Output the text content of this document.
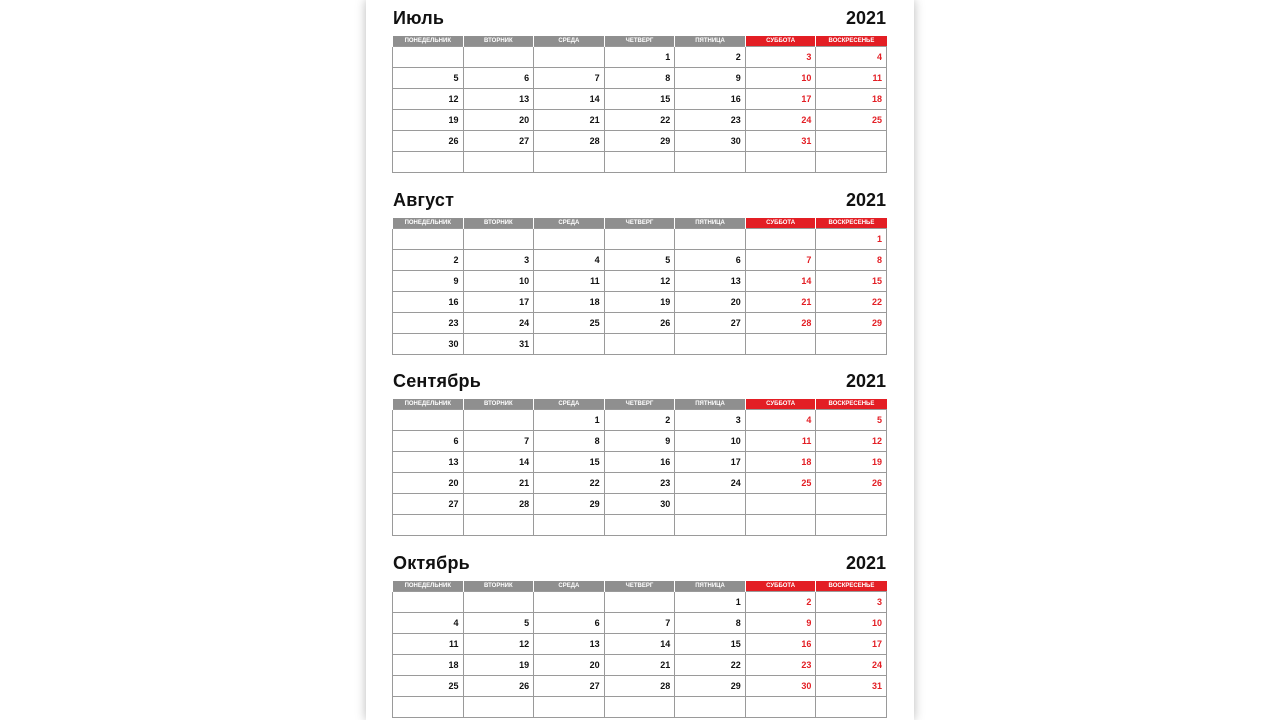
Июль	2021
ПОНЕДЕЛЬНИК	ВТОРНИК	СРЕДА	ЧЕТВЕРГ	ПЯТНИЦА	СУББОТА	ВОСКРЕСЕНЬЕ
			1	2	3	4
5	6	7	8	9	10	11
12	13	14	15	16	17	18
19	20	21	22	23	24	25
26	27	28	29	30	31	

Август	2021
ПОНЕДЕЛЬНИК	ВТОРНИК	СРЕДА	ЧЕТВЕРГ	ПЯТНИЦА	СУББОТА	ВОСКРЕСЕНЬЕ
						1
2	3	4	5	6	7	8
9	10	11	12	13	14	15
16	17	18	19	20	21	22
23	24	25	26	27	28	29
30	31					
Сентябрь	2021
ПОНЕДЕЛЬНИК	ВТОРНИК	СРЕДА	ЧЕТВЕРГ	ПЯТНИЦА	СУББОТА	ВОСКРЕСЕНЬЕ
		1	2	3	4	5
6	7	8	9	10	11	12
13	14	15	16	17	18	19
20	21	22	23	24	25	26
27	28	29	30			

Октябрь	2021
ПОНЕДЕЛЬНИК	ВТОРНИК	СРЕДА	ЧЕТВЕРГ	ПЯТНИЦА	СУББОТА	ВОСКРЕСЕНЬЕ
				1	2	3
4	5	6	7	8	9	10
11	12	13	14	15	16	17
18	19	20	21	22	23	24
25	26	27	28	29	30	31
